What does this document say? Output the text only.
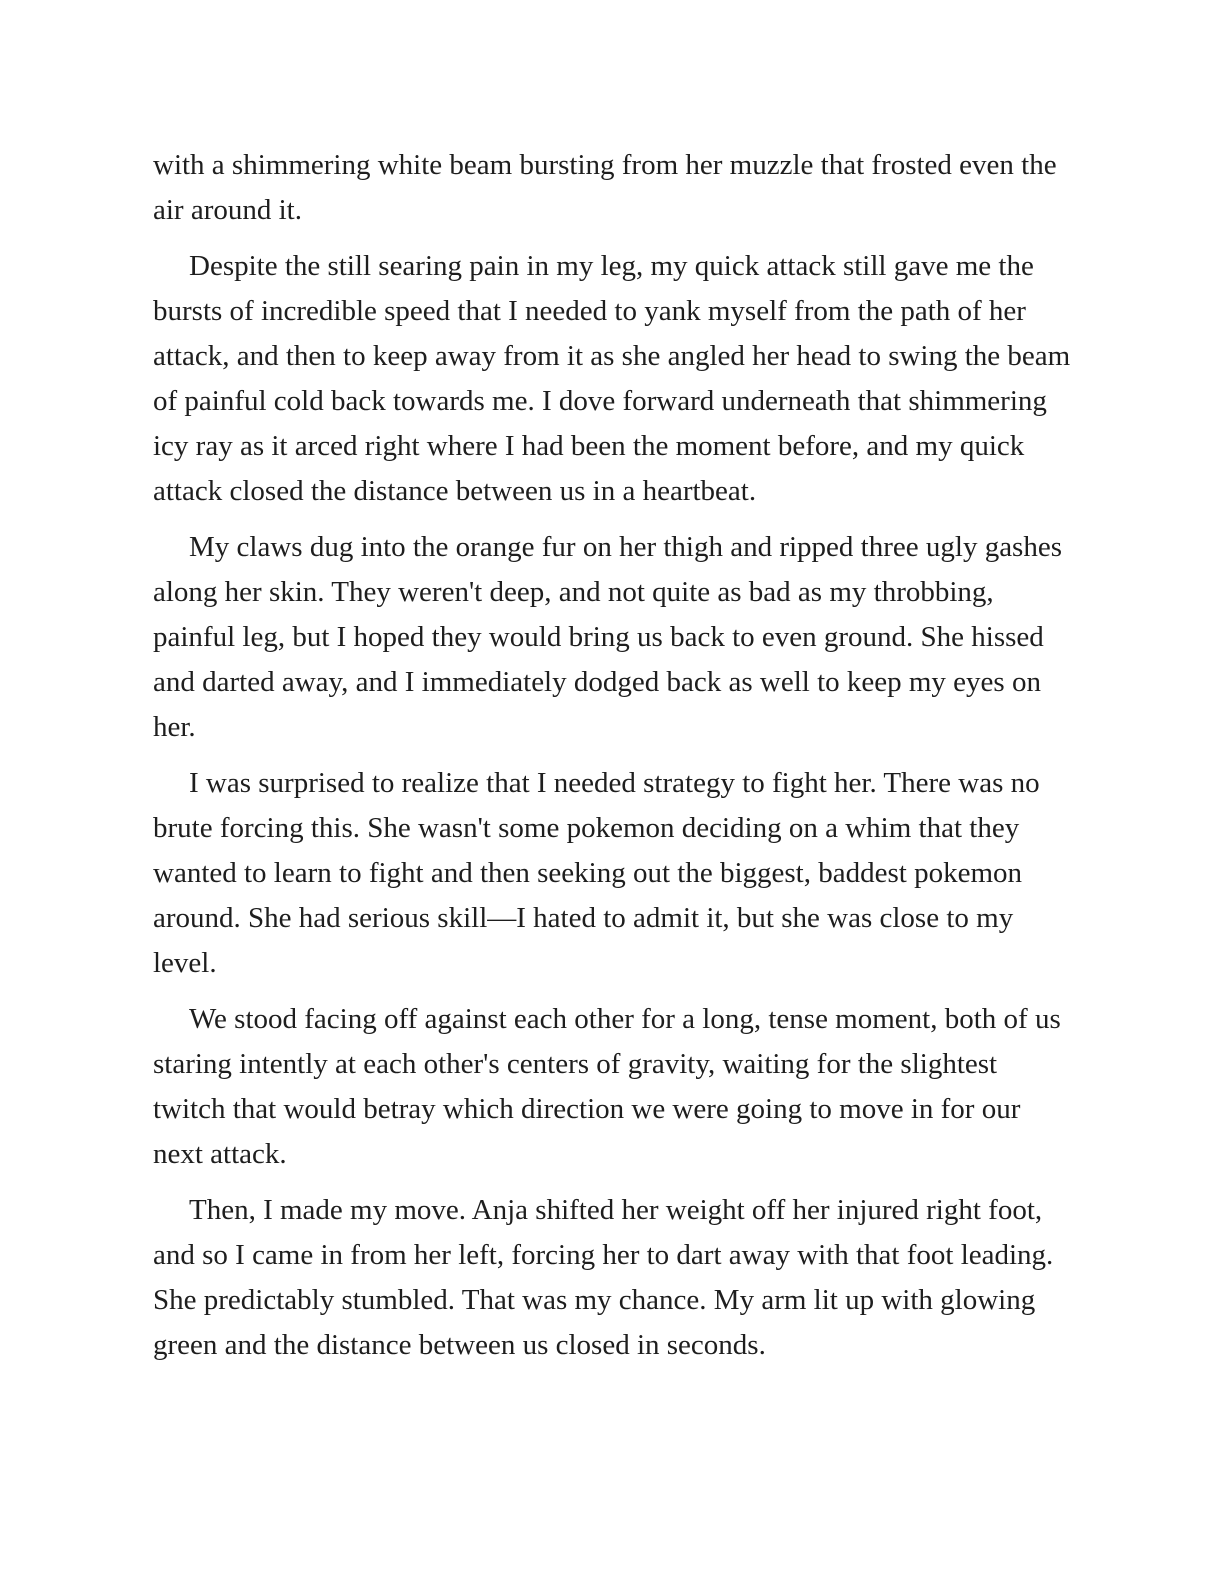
with a shimmering white beam bursting from her muzzle that frosted even the air around it.

Despite the still searing pain in my leg, my quick attack still gave me the bursts of incredible speed that I needed to yank myself from the path of her attack, and then to keep away from it as she angled her head to swing the beam of painful cold back towards me. I dove forward underneath that shimmering icy ray as it arced right where I had been the moment before, and my quick attack closed the distance between us in a heartbeat.

My claws dug into the orange fur on her thigh and ripped three ugly gashes along her skin. They weren't deep, and not quite as bad as my throbbing, painful leg, but I hoped they would bring us back to even ground. She hissed and darted away, and I immediately dodged back as well to keep my eyes on her.

I was surprised to realize that I needed strategy to fight her. There was no brute forcing this. She wasn't some pokemon deciding on a whim that they wanted to learn to fight and then seeking out the biggest, baddest pokemon around. She had serious skill—I hated to admit it, but she was close to my level.

We stood facing off against each other for a long, tense moment, both of us staring intently at each other's centers of gravity, waiting for the slightest twitch that would betray which direction we were going to move in for our next attack.

Then, I made my move. Anja shifted her weight off her injured right foot, and so I came in from her left, forcing her to dart away with that foot leading. She predictably stumbled. That was my chance. My arm lit up with glowing green and the distance between us closed in seconds.
